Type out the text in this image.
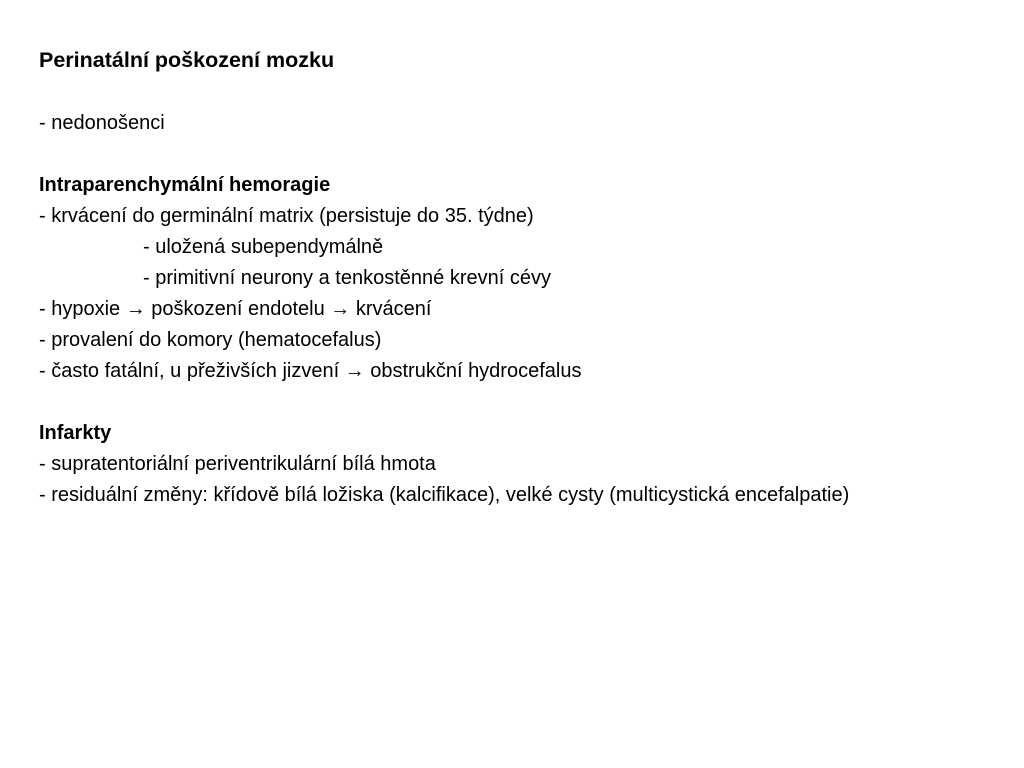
Perinatální poškození mozku

- nedonošenci

Intraparenchymální hemoragie

- krvácení do germinální matrix (persistuje do 35. týdne)

- uložená subependymálně

- primitivní neurony a tenkostěnné krevní cévy

- hypoxie → poškození endotelu → krvácení

- provalení do komory (hematocefalus)

- často fatální, u přeživších jizvení → obstrukční hydrocefalus

Infarkty

- supratentoriální periventrikulární bílá hmota

- residuální změny: křídově bílá ložiska (kalcifikace), velké cysty (multicystická encefalpatie)
